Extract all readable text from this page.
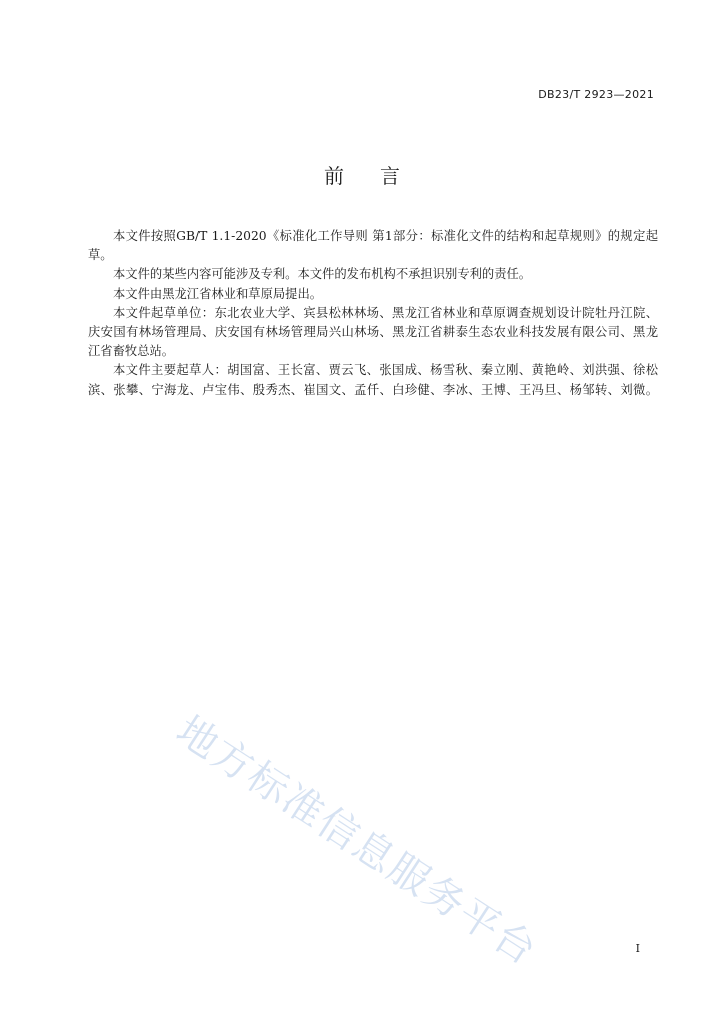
DB23/T 2923—2021
前言
本文件按照GB/T 1.1-2020《标准化工作导则 第1部分：标准化文件的结构和起草规则》的规定起
草。
本文件的某些内容可能涉及专利。本文件的发布机构不承担识别专利的责任。
本文件由黑龙江省林业和草原局提出。
本文件起草单位：东北农业大学、宾县松林林场、黑龙江省林业和草原调查规划设计院牡丹江院、
庆安国有林场管理局、庆安国有林场管理局兴山林场、黑龙江省耕泰生态农业科技发展有限公司、黑龙
江省畜牧总站。
本文件主要起草人：胡国富、王长富、贾云飞、张国成、杨雪秋、秦立刚、黄艳岭、刘洪强、徐松
滨、张攀、宁海龙、卢宝伟、殷秀杰、崔国文、孟仟、白珍健、李冰、王博、王冯旦、杨邹转、刘微。
地方标准信息服务平台	I
